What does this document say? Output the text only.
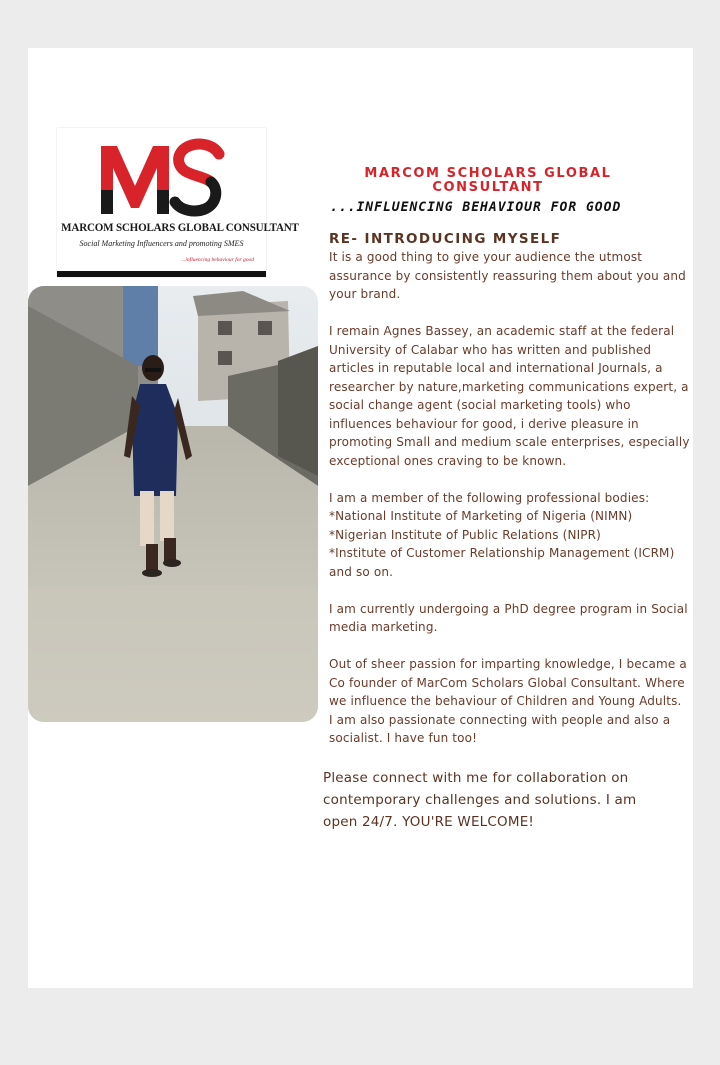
MARCOM SCHOLARS GLOBAL CONSULTANT
Social Marketing Influencers and promoting SMES
...influencing behaviour for good
MARCOM SCHOLARS GLOBAL
CONSULTANT
...INFLUENCING BEHAVIOUR FOR GOOD
RE- INTRODUCING MYSELF

It is a good thing to give your audience the utmost
assurance by consistently reassuring them about you and
your brand.

I remain Agnes Bassey, an academic staff at the federal
University of Calabar who has written and published
articles in reputable local and international Journals, a
researcher by nature,marketing communications expert, a
social change agent (social marketing tools) who
influences behaviour for good, i derive pleasure in
promoting Small and medium scale enterprises, especially
exceptional ones craving to be known.

I am a member of the following professional bodies:
*National Institute of Marketing of Nigeria (NIMN)
*Nigerian Institute of Public Relations (NIPR)
*Institute of Customer Relationship Management (ICRM)
and so on.

I am currently undergoing a PhD degree program in Social
media marketing.

Out of sheer passion for imparting knowledge, I became a
Co founder of MarCom Scholars Global Consultant. Where
we influence the behaviour of Children and Young Adults.
I am also passionate connecting with people and also a
socialist. I have fun too!

Please connect with me for collaboration on
contemporary challenges and solutions. I am
open 24/7. YOU'RE WELCOME!
